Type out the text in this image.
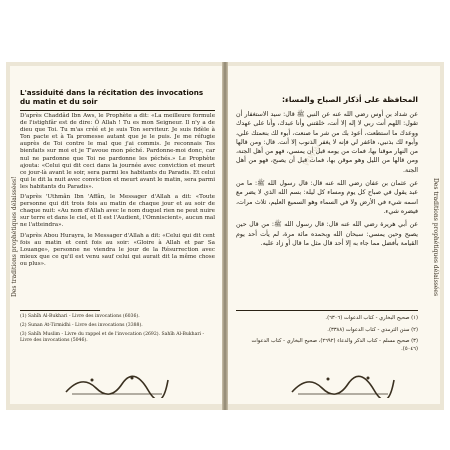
www
Des traditions prophétiques délaissées!	Des traditions prophétiques délaissées
L'assiduité dans la récitation des invocations du matin et du soir

D'après Chaddâd Ibn Aws, le Prophète a dit: «La meilleure formule de l'istighfâr est de dire: Ô Allah ! Tu es mon Seigneur. Il n'y a de dieu que Toi. Tu m'as créé et je suis Ton serviteur. Je suis fidèle à Ton pacte et à Ta promesse autant que je le puis. Je me réfugie auprès de Toi contre le mal que j'ai commis. Je reconnais Tes bienfaits sur moi et je T'avoue mon péché. Pardonne-moi donc, car nul ne pardonne que Toi ne pardonne les péchés.» Le Prophète ajouta: «Celui qui dit ceci dans la journée avec conviction et meurt ce jour-là avant le soir, sera parmi les habitants du Paradis. Et celui qui le dit la nuit avec conviction et meurt avant le matin, sera parmi les habitants du Paradis».

D'après 'Uthmân Ibn 'Affân, le Messager d'Allah a dit: «Toute personne qui dit trois fois au matin de chaque jour et au soir de chaque nuit: «Au nom d'Allah avec le nom duquel rien ne peut nuire sur terre et dans le ciel, et Il est l'Audient, l'Omniscient», aucun mal ne l'atteindra».

D'après Abou Hurayra, le Messager d'Allah a dit: «Celui qui dit cent fois au matin et cent fois au soir: «Gloire à Allah et par Sa Louange», personne ne viendra le jour de la Résurrection avec mieux que ce qu'il est venu sauf celui qui aurait dit la même chose ou plus».

(1) Sahîh Al-Bukhari - Livre des invocations (6036).
(2) Sunan At-Tirmidhi - Livre des invocations (3388).
(3) Sahîh Muslim - Livre du rappel et de l'invocation (2692). Sahîh Al-Bukhari - Livre des invocations (5046).
المحافظة على أذكار الصباح والمساء:

عن شداد بن أوس رضي الله عنه عن النبي ﷺ قال: سيد الاستغفار أن تقول: اللهم أنت ربي لا إله إلا أنت، خلقتني وأنا عبدك، وأنا على عهدك ووعدك ما استطعت، أعوذ بك من شر ما صنعت، أبوء لك بنعمتك علي، وأبوء لك بذنبي، فاغفر لي فإنه لا يغفر الذنوب إلا أنت. قال: ومن قالها من النهار موقنا بها، فمات من يومه قبل أن يمسي، فهو من أهل الجنة، ومن قالها من الليل وهو موقن بها، فمات قبل أن يصبح، فهو من أهل الجنة.

عن عثمان بن عفان رضي الله عنه قال: قال رسول الله ﷺ: ما من عبد يقول في صباح كل يوم ومساء كل ليلة: بسم الله الذي لا يضر مع اسمه شيء في الأرض ولا في السماء وهو السميع العليم، ثلاث مرات، فيضره شيء.

عن أبي هريرة رضي الله عنه قال: قال رسول الله ﷺ: من قال حين يصبح وحين يمسي: سبحان الله وبحمده مائة مرة، لم يأت أحد يوم القيامة بأفضل مما جاء به إلا أحد قال مثل ما قال أو زاد عليه.

(١) صحيح البخاري - كتاب الدعوات (٦٣٠٦).
(٢) سنن الترمذي - كتاب الدعوات (٣٣٨٨).
(٣) صحيح مسلم - كتاب الذكر والدعاء (٢٦٩٢)، صحيح البخاري - كتاب الدعوات (٥٠٤٦).
